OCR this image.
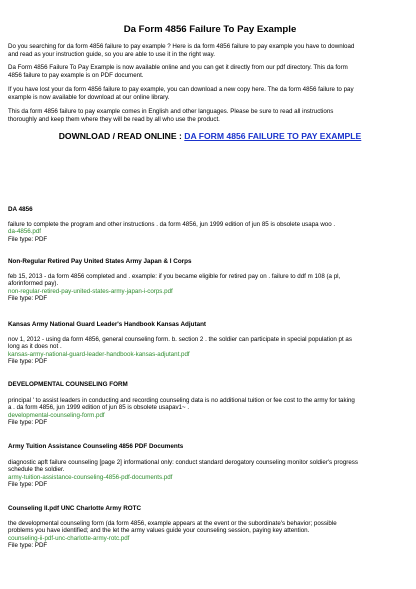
Da Form 4856 Failure To Pay Example
Do you searching for da form 4856 failure to pay example ? Here is da form 4856 failure to pay example you have to download
and read as your instruction guide, so you are able to use it in the right way.
Da Form 4856 Failure To Pay Example is now available online and you can get it directly from our pdf directory. This da form
4856 failure to pay example is on PDF document.
If you have lost your da form 4856 failure to pay example, you can download a new copy here. The da form 4856 failure to pay
example is now available for download at our online library.
This da form 4856 failure to pay example comes in English and other languages. Please be sure to read all instructions
thoroughly and keep them where they will be read by all who use the product.
DOWNLOAD / READ ONLINE : DA FORM 4856 FAILURE TO PAY EXAMPLE
DA 4856
failure to complete the program and other instructions . da form 4856, jun 1999 edition of jun 85 is obsolete usapa woo .
da-4856.pdf
File type: PDF
Non-Regular Retired Pay United States Army Japan & I Corps
feb 15, 2013 - da form 4856 completed and . example: if you became eligible for retired pay on . failure to ddf m 108 (a pl,
aforinformed pay).
non-regular-retired-pay-united-states-army-japan-i-corps.pdf
File type: PDF
Kansas Army National Guard Leader's Handbook Kansas Adjutant
nov 1, 2012 - using da form 4856, general counseling form. b. section 2 . the soldier can participate in special population pt as
long as it does not .
kansas-army-national-guard-leader-handbook-kansas-adjutant.pdf
File type: PDF
DEVELOPMENTAL COUNSELING FORM
principal ' to assist leaders in conducting and recording counseling data is no additional tuition or fee cost to the army for taking
a . da form 4856, jun 1999 edition of jun 85 is obsolete usapav1~ .
developmental-counseling-form.pdf
File type: PDF
Army Tuition Assistance Counseling 4856 PDF Documents
diagnostic apft failure counseling [page 2] informational only: conduct standard derogatory counseling monitor soldier's progress
schedule the soldier.
army-tuition-assistance-counseling-4856-pdf-documents.pdf
File type: PDF
Counseling II.pdf UNC Charlotte Army ROTC
the developmental counseling form (da form 4856, example appears at the event or the subordinate's behavior; possible
problems you have identified; and the let the army values guide your counseling session, paying key attention.
counseling-ii-pdf-unc-charlotte-army-rotc.pdf
File type: PDF
